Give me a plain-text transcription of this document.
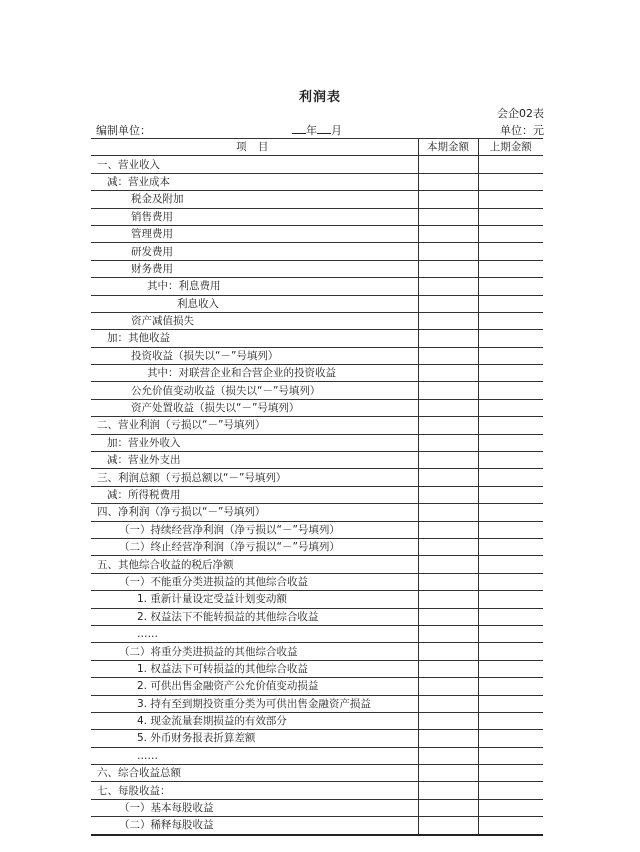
利润表
会企02表
编制单位：	年 月	单位：元
项 目	本期金额	上期金额
一、营业收入		
减：营业成本		
税金及附加		
销售费用		
管理费用		
研发费用		
财务费用		
其中：利息费用		
利息收入		
资产减值损失		
加：其他收益		
投资收益（损失以“－”号填列）		
其中：对联营企业和合营企业的投资收益		
公允价值变动收益（损失以“－”号填列）		
资产处置收益（损失以“－”号填列）		
二、营业利润（亏损以“－”号填列）		
加：营业外收入		
减：营业外支出		
三、利润总额（亏损总额以“－”号填列）		
减：所得税费用		
四、净利润（净亏损以“－”号填列）		
（一）持续经营净利润（净亏损以“－”号填列）		
（二）终止经营净利润（净亏损以“－”号填列）		
五、其他综合收益的税后净额		
（一）不能重分类进损益的其他综合收益		
1. 重新计量设定受益计划变动额		
2. 权益法下不能转损益的其他综合收益		
……		
（二）将重分类进损益的其他综合收益		
1. 权益法下可转损益的其他综合收益		
2. 可供出售金融资产公允价值变动损益		
3. 持有至到期投资重分类为可供出售金融资产损益		
4. 现金流量套期损益的有效部分		
5. 外币财务报表折算差额		
……		
六、综合收益总额		
七、每股收益：		
（一）基本每股收益		
（二）稀释每股收益		
